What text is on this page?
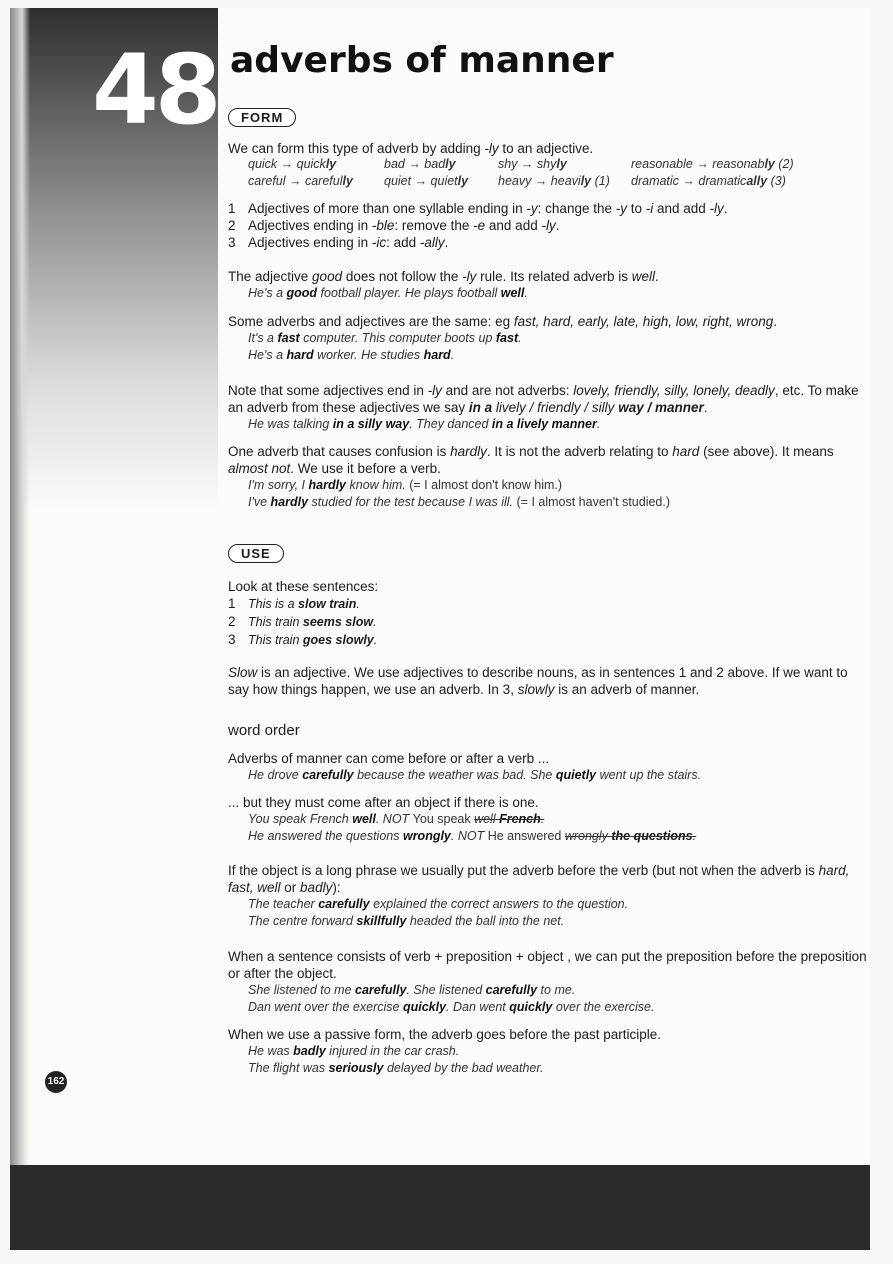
48 adverbs of manner
FORM

We can form this type of adverb by adding -ly to an adjective.

quick → quickly	bad → badly	shy → shyly	reasonable → reasonably (2)
careful → carefully	quiet → quietly	heavy → heavily (1)	dramatic → dramatically (3)

1 Adjectives of more than one syllable ending in -y: change the -y to -i and add -ly.

2 Adjectives ending in -ble: remove the -e and add -ly.

3 Adjectives ending in -ic: add -ally.

The adjective good does not follow the -ly rule. Its related adverb is well.

He's a good football player. He plays football well.

Some adverbs and adjectives are the same: eg fast, hard, early, late, high, low, right, wrong.

It's a fast computer. This computer boots up fast.

He's a hard worker. He studies hard.

Note that some adjectives end in -ly and are not adverbs: lovely, friendly, silly, lonely, deadly, etc. To make an adverb from these adjectives we say in a lively / friendly / silly way / manner.

He was talking in a silly way. They danced in a lively manner.

One adverb that causes confusion is hardly. It is not the adverb relating to hard (see above). It means almost not. We use it before a verb.

I'm sorry, I hardly know him. (= I almost don't know him.)

I've hardly studied for the test because I was ill. (= I almost haven't studied.)

USE

Look at these sentences:

1 This is a slow train.

2 This train seems slow.

3 This train goes slowly.

Slow is an adjective. We use adjectives to describe nouns, as in sentences 1 and 2 above. If we want to say how things happen, we use an adverb. In 3, slowly is an adverb of manner.

word order

Adverbs of manner can come before or after a verb ...

He drove carefully because the weather was bad. She quietly went up the stairs.

... but they must come after an object if there is one.

You speak French well. NOT You speak well French.

He answered the questions wrongly. NOT He answered wrongly the questions.

If the object is a long phrase we usually put the adverb before the verb (but not when the adverb is hard, fast, well or badly):

The teacher carefully explained the correct answers to the question.

The centre forward skillfully headed the ball into the net.

When a sentence consists of verb + preposition + object , we can put the preposition before the preposition or after the object.

She listened to me carefully. She listened carefully to me.

Dan went over the exercise quickly. Dan went quickly over the exercise.

When we use a passive form, the adverb goes before the past participle.

He was badly injured in the car crash.

The flight was seriously delayed by the bad weather.

162
